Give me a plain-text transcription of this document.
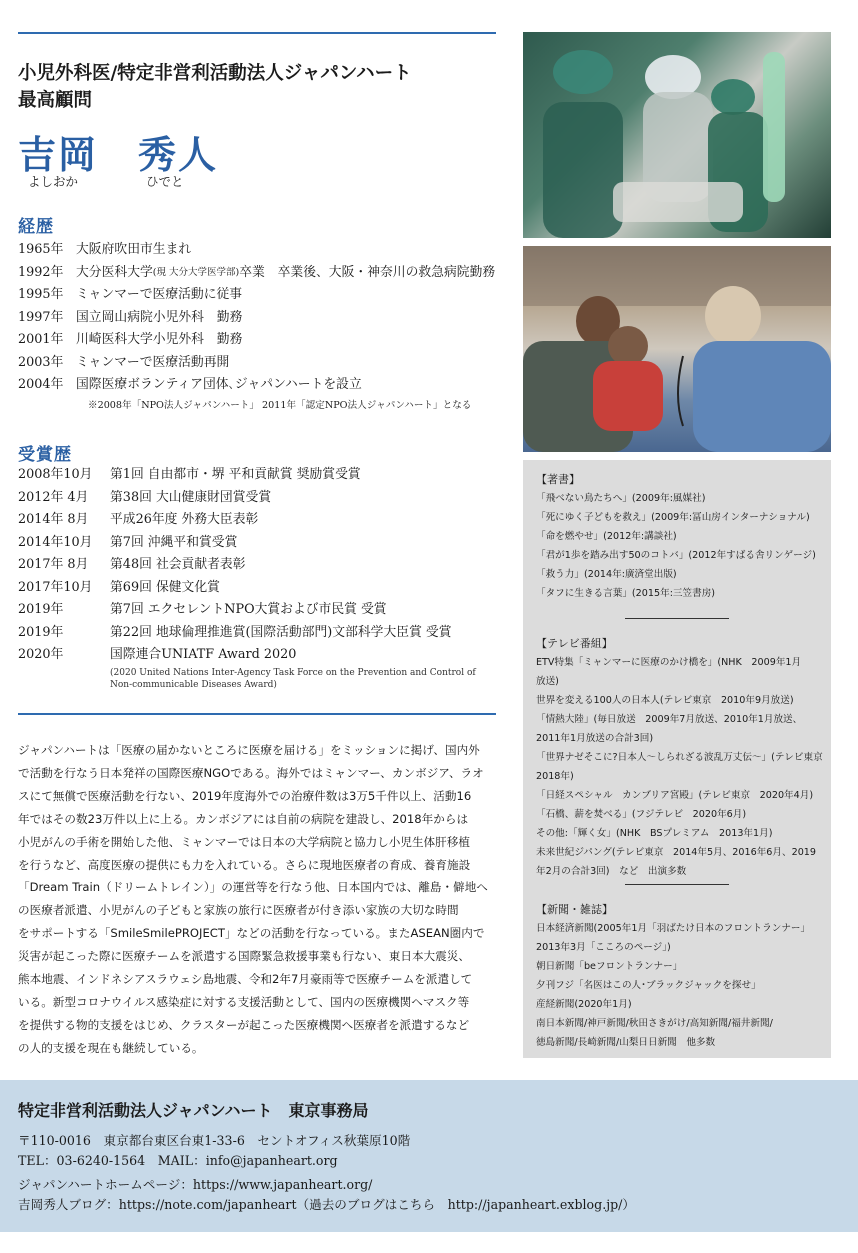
小児外科医/特定非営利活動法人ジャパンハート
最高顧問
吉岡　秀人
よしおか	ひでと
経歴
1965年 大阪府吹田市生まれ
1992年 大分医科大学 (現 大分大学医学部) 卒業　卒業後、大阪・神奈川の救急病院勤務
1995年 ミャンマーで医療活動に従事
1997年 国立岡山病院小児外科　勤務
2001年 川崎医科大学小児外科　勤務
2003年 ミャンマーで医療活動再開
2004年 国際医療ボランティア団体､ジャパンハートを設立
※2008年「NPO法人ジャパンハート」 2011年「認定NPO法人ジャパンハート」となる
受賞歴
2008年10月	第1回 自由都市・堺 平和貢献賞 奨励賞受賞
2012年 4月	第38回 大山健康財団賞受賞
2014年 8月	平成26年度 外務大臣表彰
2014年10月	第7回 沖縄平和賞受賞
2017年 8月	第48回 社会貢献者表彰
2017年10月	第69回 保健文化賞
2019年	第7回 エクセレントNPO大賞および市民賞 受賞
2019年	第22回 地球倫理推進賞(国際活動部門)文部科学大臣賞 受賞
2020年	国際連合UNIATF Award 2020
(2020 United Nations Inter-Agency Task Force on the Prevention and Control of
Non-communicable Diseases Award)
ジャパンハートは「医療の届かないところに医療を届ける」をミッションに掲げ、国内外
で活動を行なう日本発祥の国際医療NGOである。海外ではミャンマー、カンボジア、ラオ
スにて無償で医療活動を行ない、2019年度海外での治療件数は3万5千件以上、活動16
年ではその数23万件以上に上る。カンボジアには自前の病院を建設し、2018年からは
小児がんの手術を開始した他、ミャンマーでは日本の大学病院と協力し小児生体肝移植
を行うなど、高度医療の提供にも力を入れている。さらに現地医療者の育成、養育施設
「Dream Train（ドリームトレイン）」の運営等を行なう他、日本国内では、離島・僻地へ
の医療者派遣、小児がんの子どもと家族の旅行に医療者が付き添い家族の大切な時間
をサポートする「SmileSmilePROJECT」などの活動を行なっている。またASEAN圏内で
災害が起こった際に医療チームを派遣する国際緊急救援事業も行ない、東日本大震災、
熊本地震、インドネシアスラウェシ島地震、令和2年7月豪雨等で医療チームを派遣して
いる。新型コロナウイルス感染症に対する支援活動として、国内の医療機関へマスク等
を提供する物的支援をはじめ、クラスターが起こった医療機関へ医療者を派遣するなど
の人的支援を現在も継続している。
【著書】
「飛べない鳥たちへ」(2009年:風媒社)
「死にゆく子どもを救え」(2009年:冨山房インターナショナル)
「命を燃やせ」(2012年:講談社)
「君が1歩を踏み出す50のコトバ」(2012年すばる舎リンゲージ)
「救う力」(2014年:廣済堂出版)
「タフに生きる言葉」(2015年:三笠書房)
【テレビ番組】
ETV特集「ミャンマーに医療のかけ橋を」(NHK　2009年1月
放送)
世界を変える100人の日本人(テレビ東京　2010年9月放送)
「情熱大陸」(毎日放送　2009年7月放送、2010年1月放送、
2011年1月放送の合計3回)
「世界ナゼそこに?日本人～しられざる波乱万丈伝～」(テレビ東京
2018年)
「日経スペシャル　カンブリア宮殿」(テレビ東京　2020年4月)
「石橋、薪を焚べる」(フジテレビ　2020年6月)
その他:「輝く女」(NHK　BSプレミアム　2013年1月)
未来世紀ジパング(テレビ東京　2014年5月、2016年6月、2019
年2月の合計3回)　など　出演多数
【新聞・雑誌】
日本経済新聞(2005年1月「羽ばたけ日本のフロントランナー」
2013年3月「こころのページ」)
朝日新聞「beフロントランナー」
夕刊フジ「名医はこの人･ブラックジャックを探せ」
産経新聞(2020年1月)
南日本新聞/神戸新聞/秋田さきがけ/高知新聞/福井新聞/
徳島新聞/長崎新聞/山梨日日新聞　他多数
特定非営利活動法人ジャパンハート　東京事務局
〒110-0016　東京都台東区台東1-33-6　セントオフィス秋葉原10階
TEL：03-6240-1564　MAIL：info@japanheart.org
ジャパンハートホームページ：https://www.japanheart.org/
吉岡秀人ブログ：https://note.com/japanheart（過去のブログはこちら　http://japanheart.exblog.jp/）
